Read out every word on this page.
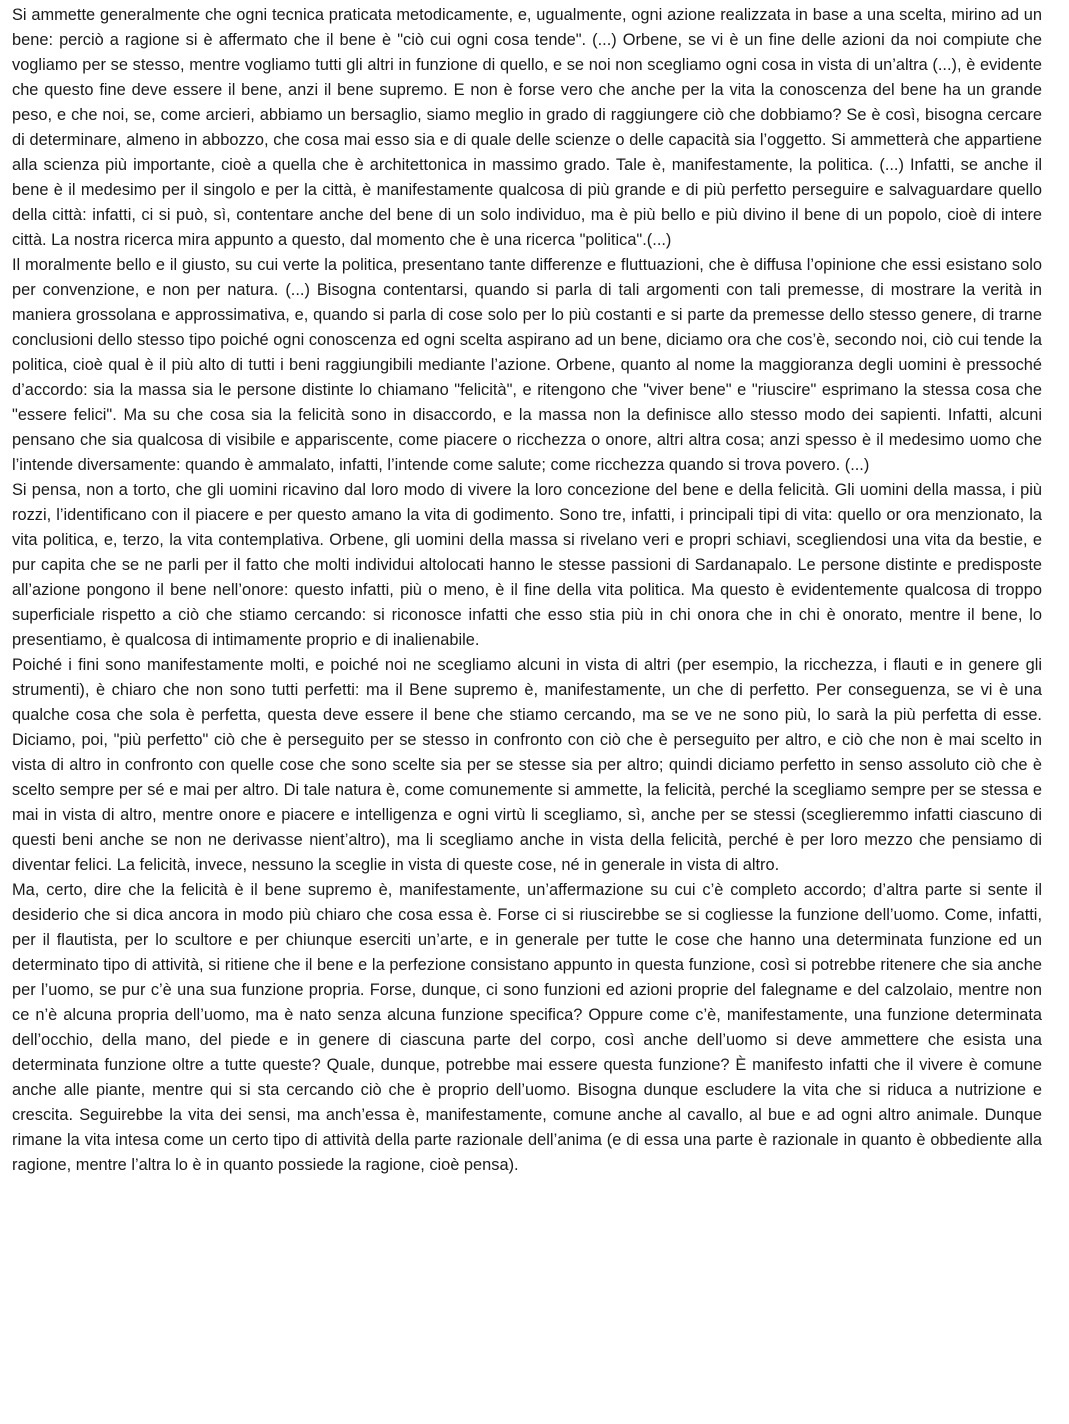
Si ammette generalmente che ogni tecnica praticata metodicamente, e, ugualmente, ogni azione realizzata in base a una scelta, mirino ad un bene: perciò a ragione si è affermato che il bene è "ciò cui ogni cosa tende". (...) Orbene, se vi è un fine delle azioni da noi compiute che vogliamo per se stesso, mentre vogliamo tutti gli altri in funzione di quello, e se noi non scegliamo ogni cosa in vista di un’altra (...), è evidente che questo fine deve essere il bene, anzi il bene supremo. E non è forse vero che anche per la vita la conoscenza del bene ha un grande peso, e che noi, se, come arcieri, abbiamo un bersaglio, siamo meglio in grado di raggiungere ciò che dobbiamo? Se è così, bisogna cercare di determinare, almeno in abbozzo, che cosa mai esso sia e di quale delle scienze o delle capacità sia l’oggetto. Si ammetterà che appartiene alla scienza più importante, cioè a quella che è architettonica in massimo grado. Tale è, manifestamente, la politica. (...) Infatti, se anche il bene è il medesimo per il singolo e per la città, è manifestamente qualcosa di più grande e di più perfetto perseguire e salvaguardare quello della città: infatti, ci si può, sì, contentare anche del bene di un solo individuo, ma è più bello e più divino il bene di un popolo, cioè di intere città. La nostra ricerca mira appunto a questo, dal momento che è una ricerca "politica".(...)

Il moralmente bello e il giusto, su cui verte la politica, presentano tante differenze e fluttuazioni, che è diffusa l’opinione che essi esistano solo per convenzione, e non per natura. (...) Bisogna contentarsi, quando si parla di tali argomenti con tali premesse, di mostrare la verità in maniera grossolana e approssimativa, e, quando si parla di cose solo per lo più costanti e si parte da premesse dello stesso genere, di trarne conclusioni dello stesso tipo poiché ogni conoscenza ed ogni scelta aspirano ad un bene, diciamo ora che cos’è, secondo noi, ciò cui tende la politica, cioè qual è il più alto di tutti i beni raggiungibili mediante l’azione. Orbene, quanto al nome la maggioranza degli uomini è pressoché d’accordo: sia la massa sia le persone distinte lo chiamano "felicità", e ritengono che "viver bene" e "riuscire" esprimano la stessa cosa che "essere felici". Ma su che cosa sia la felicità sono in disaccordo, e la massa non la definisce allo stesso modo dei sapienti. Infatti, alcuni pensano che sia qualcosa di visibile e appariscente, come piacere o ricchezza o onore, altri altra cosa; anzi spesso è il medesimo uomo che l’intende diversamente: quando è ammalato, infatti, l’intende come salute; come ricchezza quando si trova povero. (...)

Si pensa, non a torto, che gli uomini ricavino dal loro modo di vivere la loro concezione del bene e della felicità. Gli uomini della massa, i più rozzi, l’identificano con il piacere e per questo amano la vita di godimento. Sono tre, infatti, i principali tipi di vita: quello or ora menzionato, la vita politica, e, terzo, la vita contemplativa. Orbene, gli uomini della massa si rivelano veri e propri schiavi, scegliendosi una vita da bestie, e pur capita che se ne parli per il fatto che molti individui altolocati hanno le stesse passioni di Sardanapalo. Le persone distinte e predisposte all’azione pongono il bene nell’onore: questo infatti, più o meno, è il fine della vita politica. Ma questo è evidentemente qualcosa di troppo superficiale rispetto a ciò che stiamo cercando: si riconosce infatti che esso stia più in chi onora che in chi è onorato, mentre il bene, lo presentiamo, è qualcosa di intimamente proprio e di inalienabile.

Poiché i fini sono manifestamente molti, e poiché noi ne scegliamo alcuni in vista di altri (per esempio, la ricchezza, i flauti e in genere gli strumenti), è chiaro che non sono tutti perfetti: ma il Bene supremo è, manifestamente, un che di perfetto. Per conseguenza, se vi è una qualche cosa che sola è perfetta, questa deve essere il bene che stiamo cercando, ma se ve ne sono più, lo sarà la più perfetta di esse. Diciamo, poi, "più perfetto" ciò che è perseguito per se stesso in confronto con ciò che è perseguito per altro, e ciò che non è mai scelto in vista di altro in confronto con quelle cose che sono scelte sia per se stesse sia per altro; quindi diciamo perfetto in senso assoluto ciò che è scelto sempre per sé e mai per altro. Di tale natura è, come comunemente si ammette, la felicità, perché la scegliamo sempre per se stessa e mai in vista di altro, mentre onore e piacere e intelligenza e ogni virtù li scegliamo, sì, anche per se stessi (sceglieremmo infatti ciascuno di questi beni anche se non ne derivasse nient’altro), ma li scegliamo anche in vista della felicità, perché è per loro mezzo che pensiamo di diventar felici. La felicità, invece, nessuno la sceglie in vista di queste cose, né in generale in vista di altro.

Ma, certo, dire che la felicità è il bene supremo è, manifestamente, un’affermazione su cui c’è completo accordo; d’altra parte si sente il desiderio che si dica ancora in modo più chiaro che cosa essa è. Forse ci si riuscirebbe se si cogliesse la funzione dell’uomo. Come, infatti, per il flautista, per lo scultore e per chiunque eserciti un’arte, e in generale per tutte le cose che hanno una determinata funzione ed un determinato tipo di attività, si ritiene che il bene e la perfezione consistano appunto in questa funzione, così si potrebbe ritenere che sia anche per l’uomo, se pur c’è una sua funzione propria. Forse, dunque, ci sono funzioni ed azioni proprie del falegname e del calzolaio, mentre non ce n’è alcuna propria dell’uomo, ma è nato senza alcuna funzione specifica? Oppure come c’è, manifestamente, una funzione determinata dell’occhio, della mano, del piede e in genere di ciascuna parte del corpo, così anche dell’uomo si deve ammettere che esista una determinata funzione oltre a tutte queste? Quale, dunque, potrebbe mai essere questa funzione? È manifesto infatti che il vivere è comune anche alle piante, mentre qui si sta cercando ciò che è proprio dell’uomo. Bisogna dunque escludere la vita che si riduca a nutrizione e crescita. Seguirebbe la vita dei sensi, ma anch’essa è, manifestamente, comune anche al cavallo, al bue e ad ogni altro animale. Dunque rimane la vita intesa come un certo tipo di attività della parte razionale dell’anima (e di essa una parte è razionale in quanto è obbediente alla ragione, mentre l’altra lo è in quanto possiede la ragione, cioè pensa).
